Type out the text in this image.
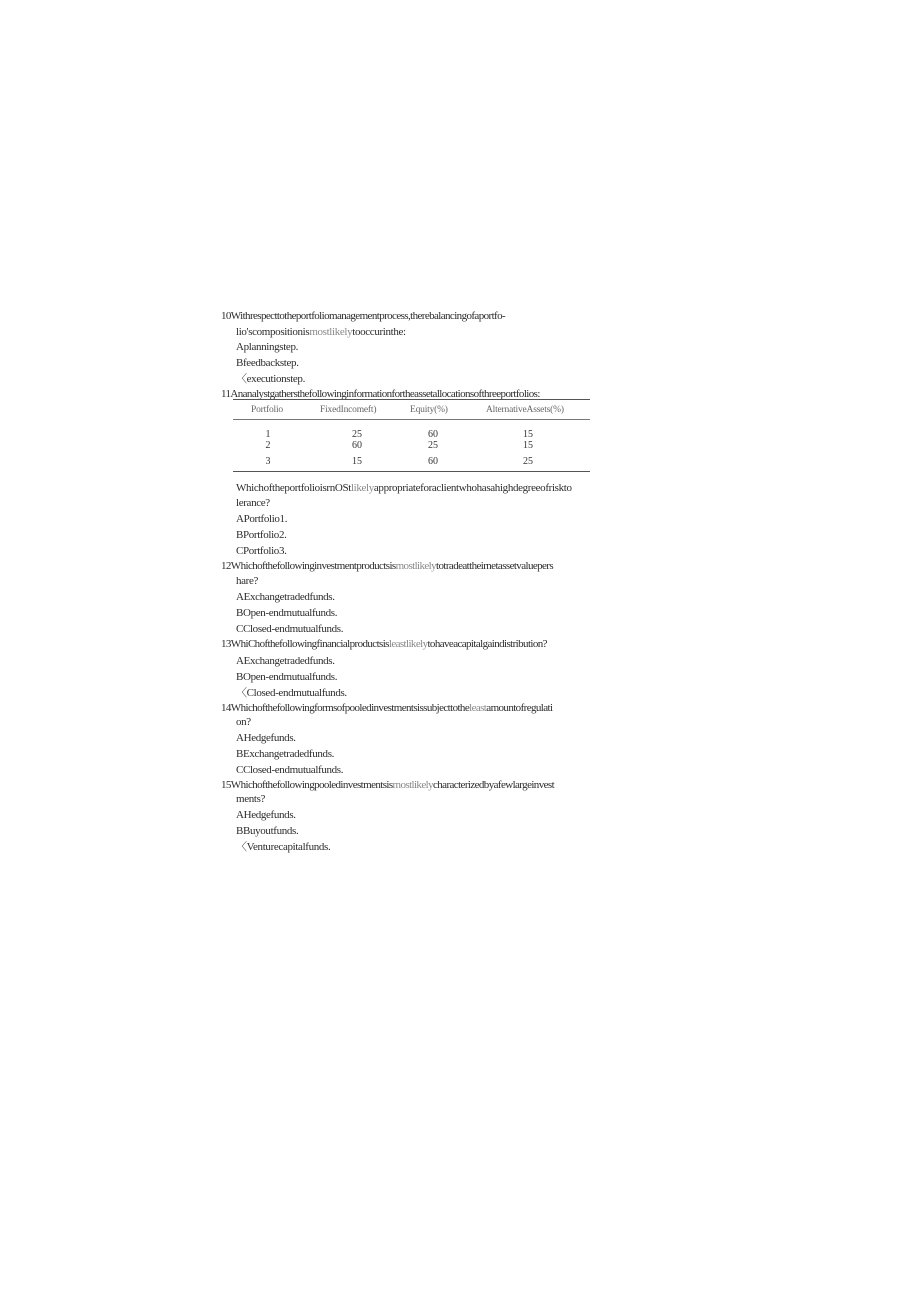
10Withrespecttotheportfoliomanagementprocess,therebalancingofaportfo-
lio'scompositionismostlikelytooccurinthe:
Aplanningstep.
Bfeedbackstep.
〈executionstep.
11Ananalystgathersthefollowinginformationfortheassetallocationsofthreeportfolios:
Portfolio	FixedIncomeft)	Equity(%)	AlternativeAssets(%)
1	25	60	15
2	60	25	15
3	15	60	25
WhichoftheportfolioisrnOStlikelyappropriateforaclientwhohasahighdegreeofriskto
lerance?
APortfolio1.
BPortfolio2.
CPortfolio3.
12Whichofthefollowinginvestmentproductsismostlikelytotradeattheirnetassetvaluepers
hare?
AExchangetradedfunds.
BOpen-endmutualfunds.
CClosed-endmutualfunds.
13WhiChofthefollowingfinancialproductsisleastlikelytohaveacapitalgaindistribution?
AExchangetradedfunds.
BOpen-endmutualfunds.
〈Closed-endmutualfunds.
14Whichofthefollowingformsofpooledinvestmentsissubjecttotheleastamountofregulati
on?
AHedgefunds.
BExchangetradedfunds.
CClosed-endmutualfunds.
15Whichofthefollowingpooledinvestmentsismostlikelycharacterizedbyafewlargeinvest
ments?
AHedgefunds.
BBuyoutfunds.
〈Venturecapitalfunds.
